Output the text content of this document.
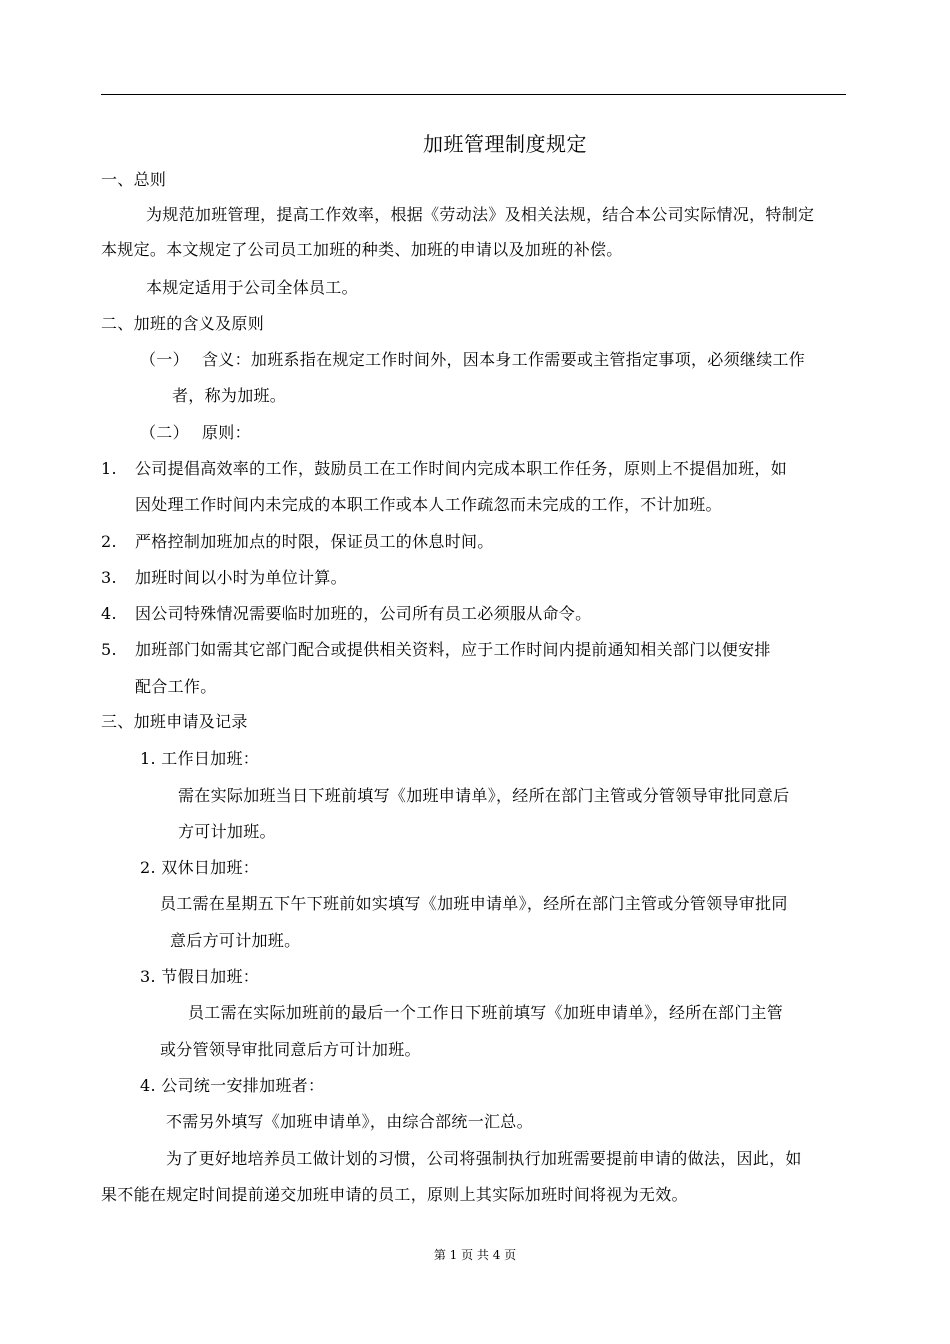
加班管理制度规定
一、总则
为规范加班管理，提高工作效率，根据《劳动法》及相关法规，结合本公司实际情况，特制定
本规定。本文规定了公司员工加班的种类、加班的申请以及加班的补偿。
本规定适用于公司全体员工。
二、加班的含义及原则
（一） 含义：加班系指在规定工作时间外，因本身工作需要或主管指定事项，必须继续工作
者，称为加班。
（二） 原则：
1. 公司提倡高效率的工作，鼓励员工在工作时间内完成本职工作任务，原则上不提倡加班，如
因处理工作时间内未完成的本职工作或本人工作疏忽而未完成的工作，不计加班。
2. 严格控制加班加点的时限，保证员工的休息时间。
3. 加班时间以小时为单位计算。
4. 因公司特殊情况需要临时加班的，公司所有员工必须服从命令。
5. 加班部门如需其它部门配合或提供相关资料，应于工作时间内提前通知相关部门以便安排
配合工作。
三、加班申请及记录
1. 工作日加班：
需在实际加班当日下班前填写《加班申请单》，经所在部门主管或分管领导审批同意后
方可计加班。
2. 双休日加班：
员工需在星期五下午下班前如实填写《加班申请单》，经所在部门主管或分管领导审批同
意后方可计加班。
3. 节假日加班：
员工需在实际加班前的最后一个工作日下班前填写《加班申请单》，经所在部门主管
或分管领导审批同意后方可计加班。
4. 公司统一安排加班者：
不需另外填写《加班申请单》，由综合部统一汇总。
为了更好地培养员工做计划的习惯，公司将强制执行加班需要提前申请的做法，因此，如
果不能在规定时间提前递交加班申请的员工，原则上其实际加班时间将视为无效。
第 1 页 共 4 页
